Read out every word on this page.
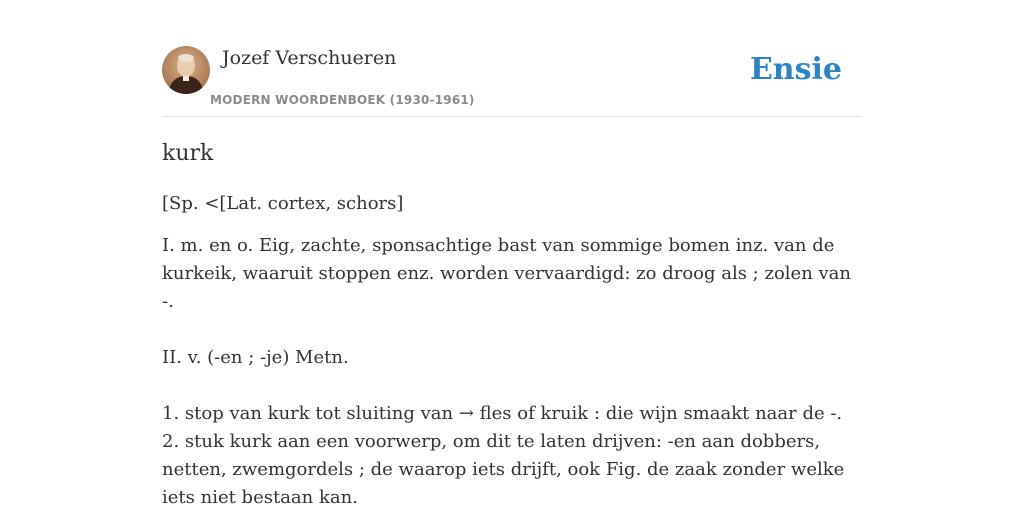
Jozef Verschueren
MODERN WOORDENBOEK (1930-1961)
Ensie
kurk

[Sp. <[Lat. cortex, schors]

I. m. en o. Eig, zachte, sponsachtige bast van sommige bomen inz. van de kurkeik, waaruit stoppen enz. worden vervaardigd: zo droog als ; zolen van -.

II. v. (-en ; -je) Metn.

1. stop van kurk tot sluiting van → fles of kruik : die wijn smaakt naar de -.

2. stuk kurk aan een voorwerp, om dit te laten drijven: -en aan dobbers, netten, zwemgordels ; de waarop iets drijft, ook Fig. de zaak zonder welke iets niet bestaan kan.
